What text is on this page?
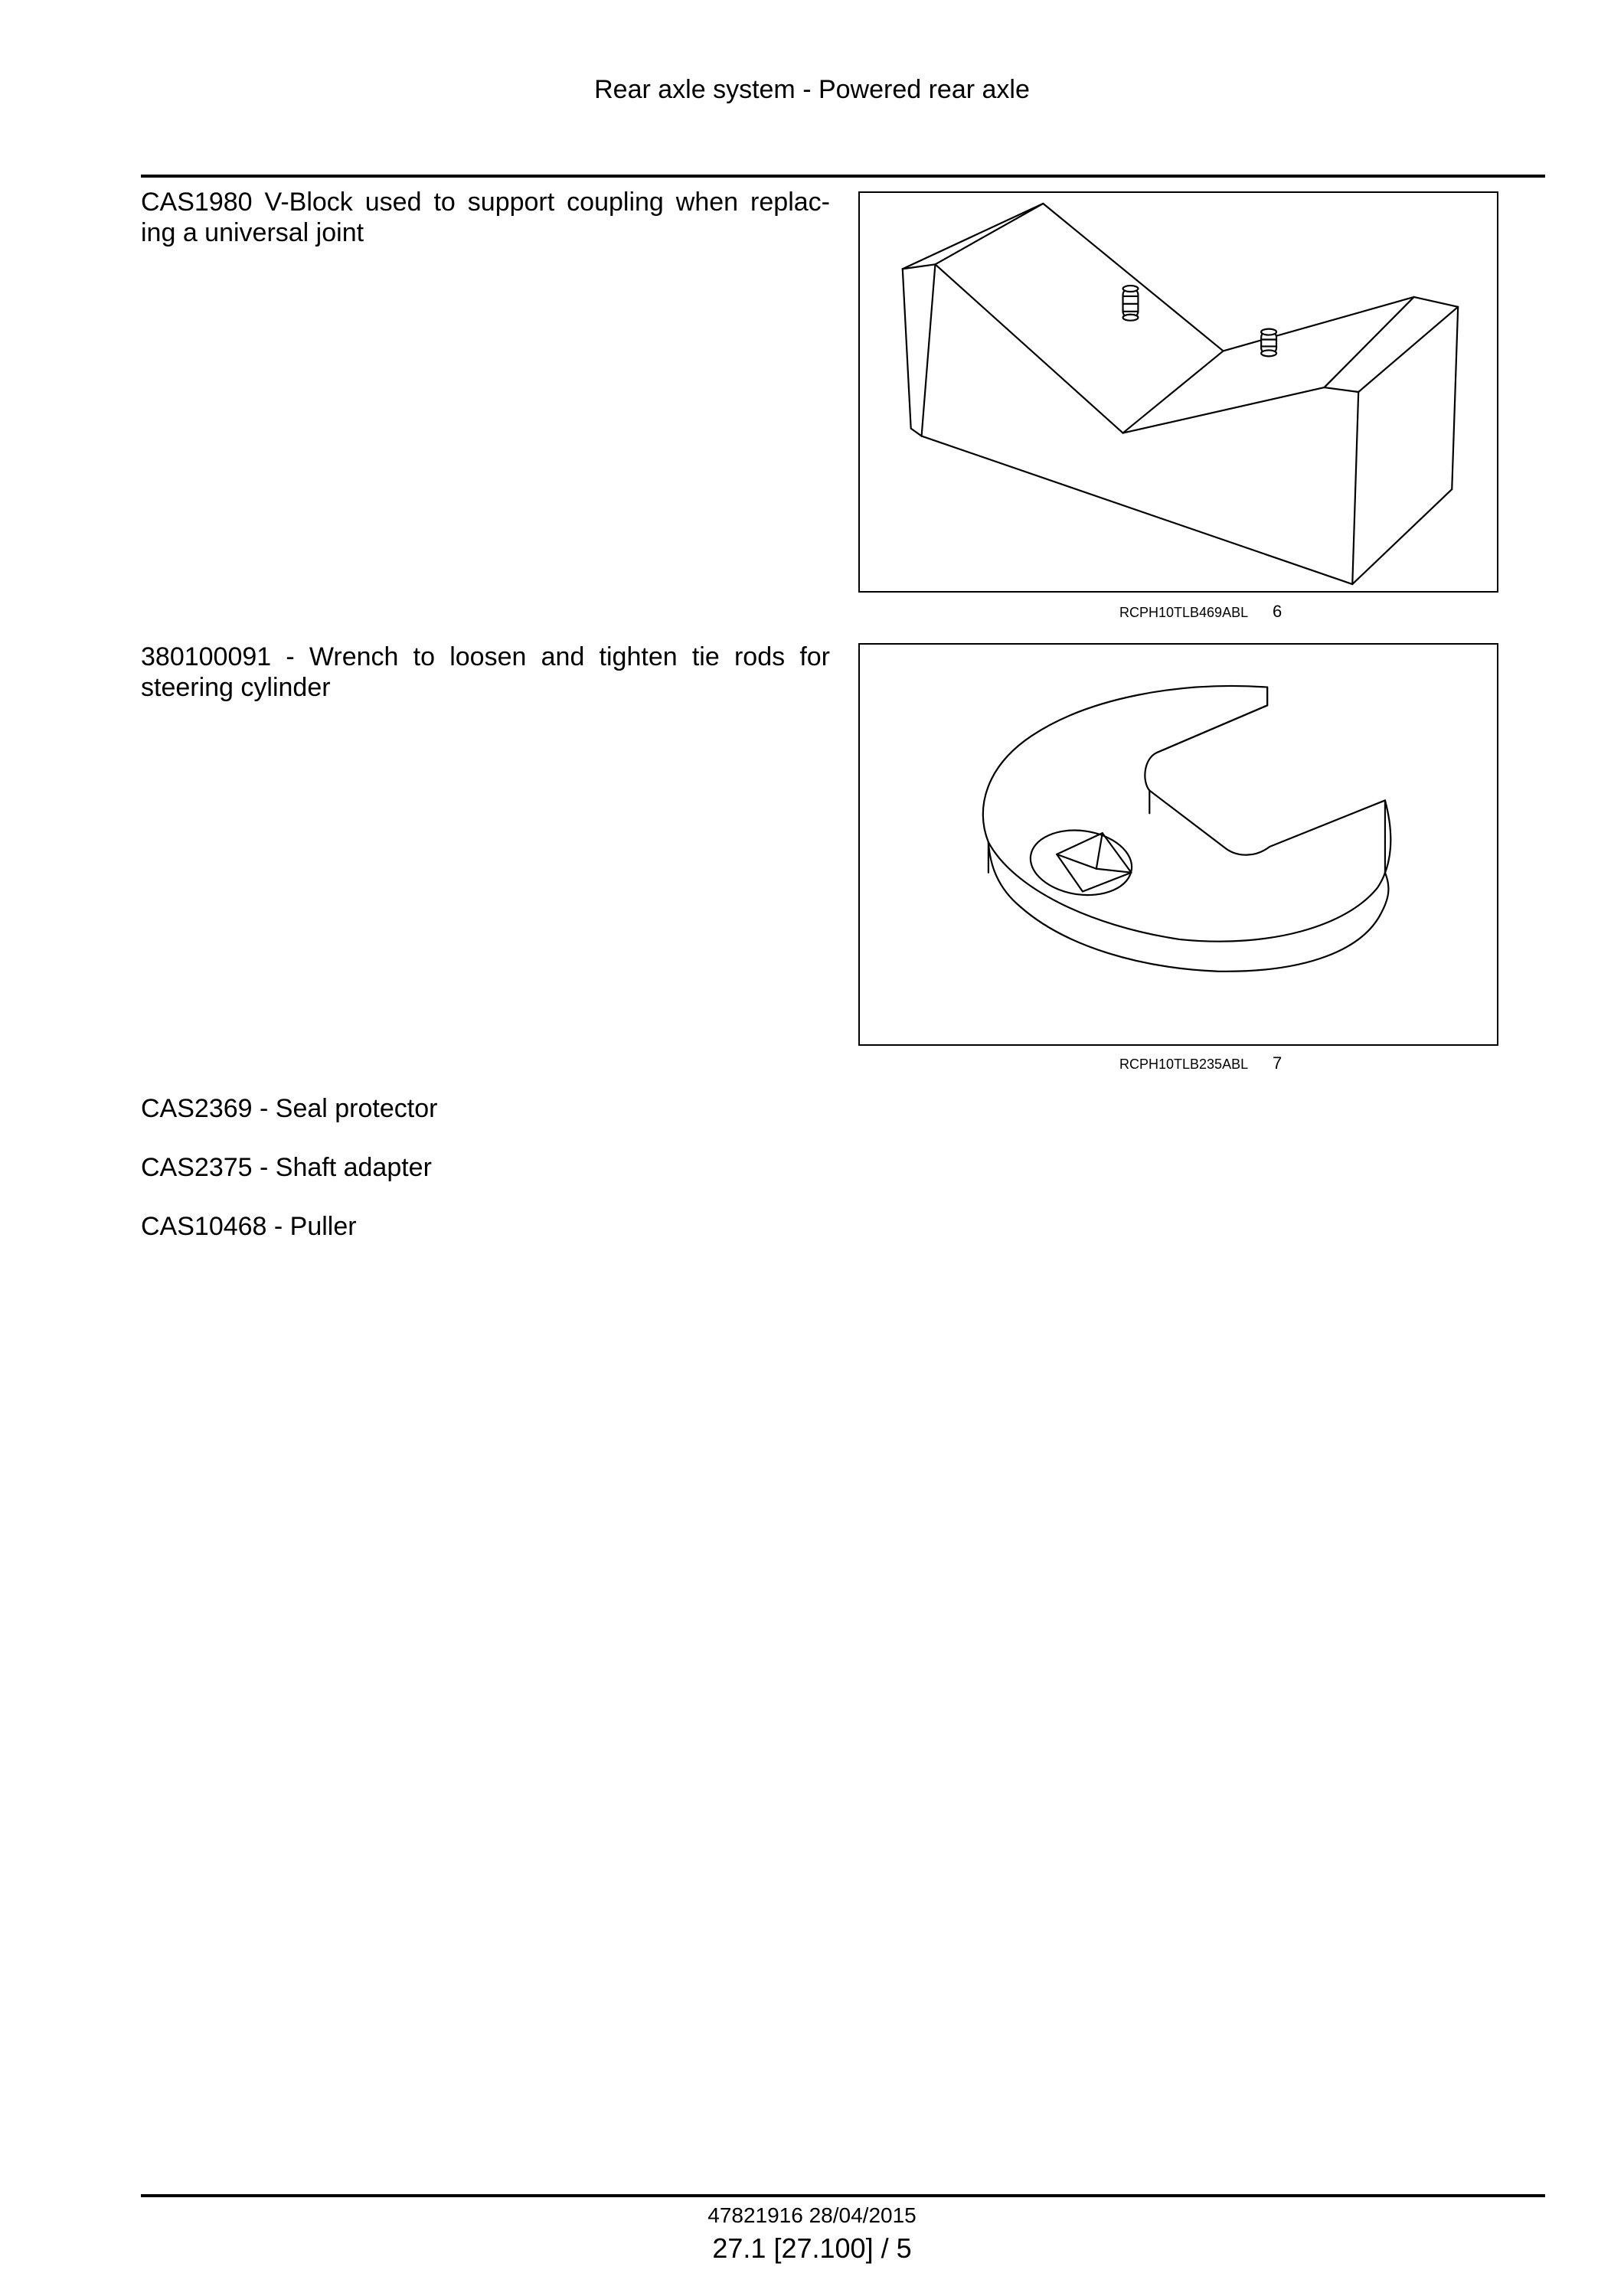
Rear axle system - Powered rear axle
CAS1980 V-Block used to support coupling when replac- ing a universal joint
RCPH10TLB469ABL 6
380100091 - Wrench to loosen and tighten tie rods for steering cylinder
RCPH10TLB235ABL 7
CAS2369 - Seal protector
CAS2375 - Shaft adapter
CAS10468 - Puller
47821916 28/04/2015
27.1 [27.100] / 5
